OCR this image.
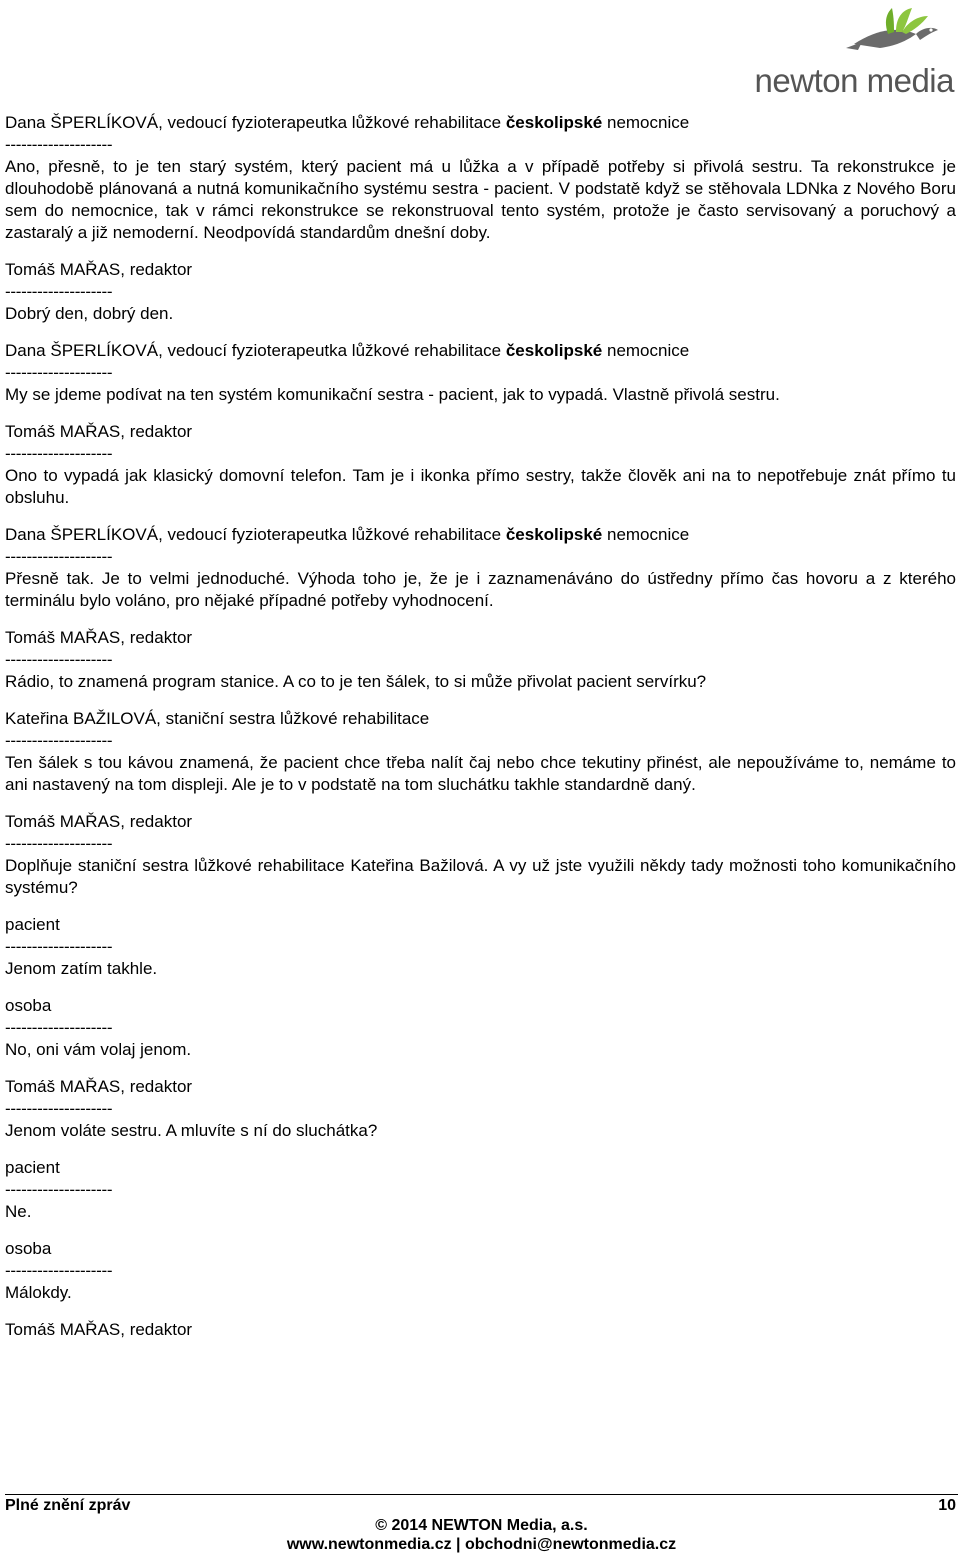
newton media
Dana ŠPERLÍKOVÁ, vedoucí fyzioterapeutka lůžkové rehabilitace českolipské nemocnice
--------------------
Ano, přesně, to je ten starý systém, který pacient má u lůžka a v případě potřeby si přivolá sestru. Ta rekonstrukce je dlouhodobě plánovaná a nutná komunikačního systému sestra - pacient. V podstatě když se stěhovala LDNka z Nového Boru sem do nemocnice, tak v rámci rekonstrukce se rekonstruoval tento systém, protože je často servisovaný a poruchový a zastaralý a již nemoderní. Neodpovídá standardům dnešní doby.
Tomáš MAŘAS, redaktor
--------------------
Dobrý den, dobrý den.
Dana ŠPERLÍKOVÁ, vedoucí fyzioterapeutka lůžkové rehabilitace českolipské nemocnice
--------------------
My se jdeme podívat na ten systém komunikační sestra - pacient, jak to vypadá. Vlastně přivolá sestru.
Tomáš MAŘAS, redaktor
--------------------
Ono to vypadá jak klasický domovní telefon. Tam je i ikonka přímo sestry, takže člověk ani na to nepotřebuje znát přímo tu obsluhu.
Dana ŠPERLÍKOVÁ, vedoucí fyzioterapeutka lůžkové rehabilitace českolipské nemocnice
--------------------
Přesně tak. Je to velmi jednoduché. Výhoda toho je, že je i zaznamenáváno do ústředny přímo čas hovoru a z kterého terminálu bylo voláno, pro nějaké případné potřeby vyhodnocení.
Tomáš MAŘAS, redaktor
--------------------
Rádio, to znamená program stanice. A co to je ten šálek, to si může přivolat pacient servírku?
Kateřina BAŽILOVÁ, staniční sestra lůžkové rehabilitace
--------------------
Ten šálek s tou kávou znamená, že pacient chce třeba nalít čaj nebo chce tekutiny přinést, ale nepoužíváme to, nemáme to ani nastavený na tom displeji. Ale je to v podstatě na tom sluchátku takhle standardně daný.
Tomáš MAŘAS, redaktor
--------------------
Doplňuje staniční sestra lůžkové rehabilitace Kateřina Bažilová. A vy už jste využili někdy tady možnosti toho komunikačního systému?
pacient
--------------------
Jenom zatím takhle.
osoba
--------------------
No, oni vám volaj jenom.
Tomáš MAŘAS, redaktor
--------------------
Jenom voláte sestru. A mluvíte s ní do sluchátka?
pacient
--------------------
Ne.
osoba
--------------------
Málokdy.
Tomáš MAŘAS, redaktor
Plné znění zpráv	10
© 2014 NEWTON Media, a.s.
www.newtonmedia.cz | obchodni@newtonmedia.cz
